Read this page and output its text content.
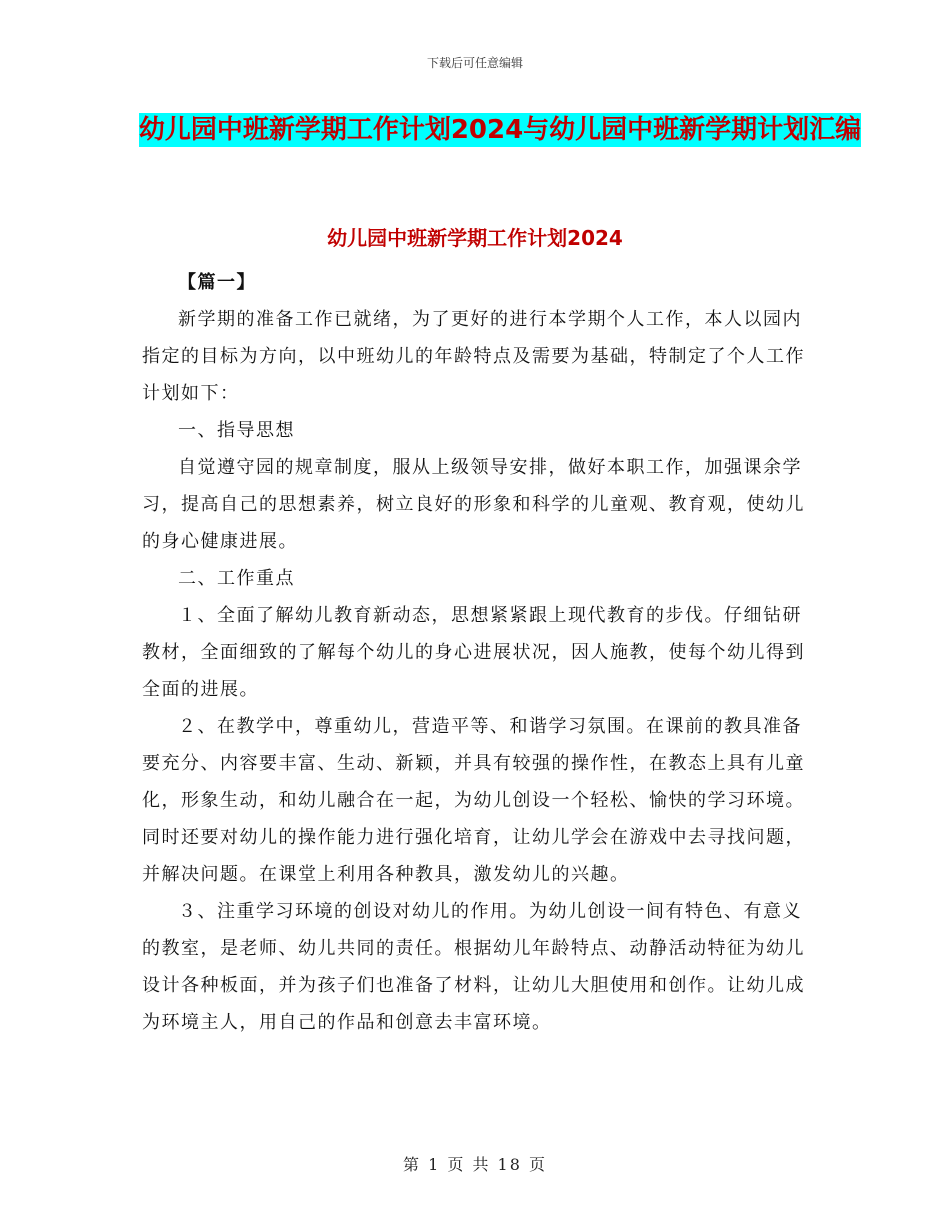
下载后可任意编辑
幼儿园中班新学期工作计划2024与幼儿园中班新学期计划汇编
幼儿园中班新学期工作计划2024

【篇一】

新学期的准备工作已就绪，为了更好的进行本学期个人工作，本人以园内指定的目标为方向，以中班幼儿的年龄特点及需要为基础，特制定了个人工作计划如下：

一、指导思想

自觉遵守园的规章制度，服从上级领导安排，做好本职工作，加强课余学习，提高自己的思想素养，树立良好的形象和科学的儿童观、教育观，使幼儿的身心健康进展。

二、工作重点

１、全面了解幼儿教育新动态，思想紧紧跟上现代教育的步伐。仔细钻研教材，全面细致的了解每个幼儿的身心进展状况，因人施教，使每个幼儿得到全面的进展。

２、在教学中，尊重幼儿，营造平等、和谐学习氛围。在课前的教具准备要充分、内容要丰富、生动、新颖，并具有较强的操作性，在教态上具有儿童化，形象生动，和幼儿融合在一起，为幼儿创设一个轻松、愉快的学习环境。同时还要对幼儿的操作能力进行强化培育，让幼儿学会在游戏中去寻找问题，并解决问题。在课堂上利用各种教具，激发幼儿的兴趣。

３、注重学习环境的创设对幼儿的作用。为幼儿创设一间有特色、有意义的教室，是老师、幼儿共同的责任。根据幼儿年龄特点、动静活动特征为幼儿设计各种板面，并为孩子们也准备了材料，让幼儿大胆使用和创作。让幼儿成为环境主人，用自己的作品和创意去丰富环境。

第 1 页 共 18 页
